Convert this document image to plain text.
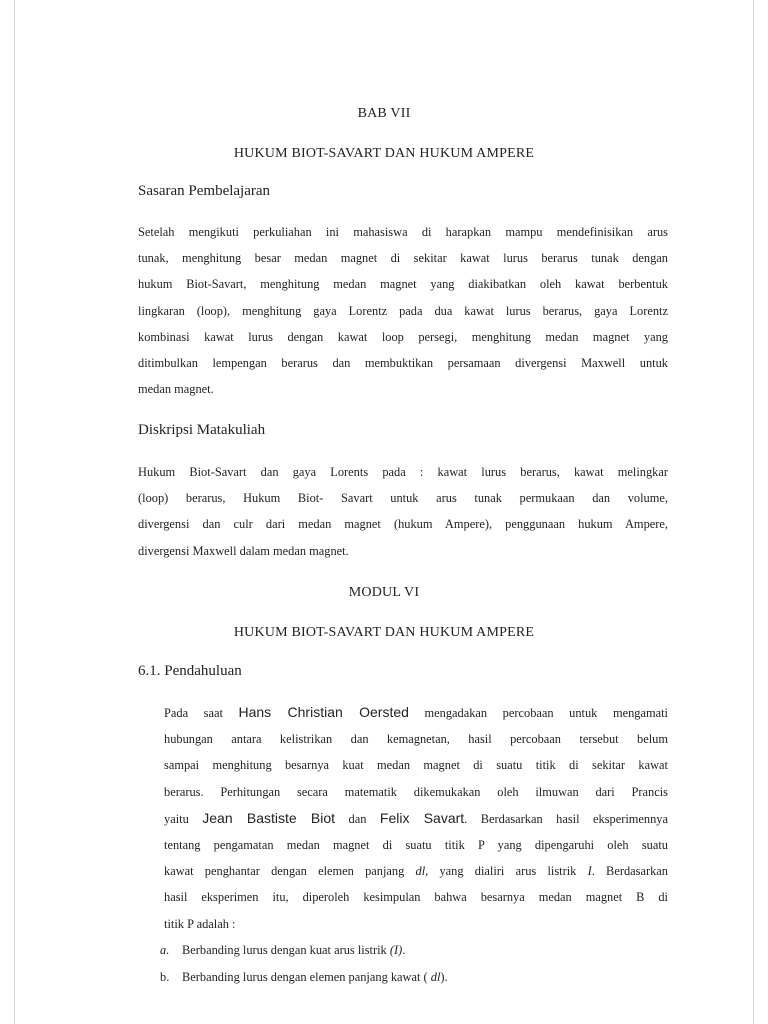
BAB VII
HUKUM BIOT-SAVART DAN HUKUM AMPERE
Sasaran Pembelajaran
Setelah mengikuti perkuliahan ini mahasiswa di harapkan mampu mendefinisikan arus
tunak, menghitung besar medan magnet di sekitar kawat lurus berarus tunak dengan
hukum Biot-Savart, menghitung medan magnet yang diakibatkan oleh kawat berbentuk
lingkaran (loop), menghitung gaya Lorentz pada dua kawat lurus berarus, gaya Lorentz
kombinasi kawat lurus dengan kawat loop persegi, menghitung medan magnet yang
ditimbulkan lempengan berarus dan membuktikan persamaan divergensi Maxwell untuk
medan magnet.
Diskripsi Matakuliah
Hukum Biot-Savart dan gaya Lorents pada : kawat lurus berarus, kawat melingkar
(loop) berarus, Hukum Biot- Savart untuk arus tunak permukaan dan volume,
divergensi dan culr dari medan magnet (hukum Ampere), penggunaan hukum Ampere,
divergensi Maxwell dalam medan magnet.
MODUL VI
HUKUM BIOT-SAVART DAN HUKUM AMPERE
6.1. Pendahuluan
Pada saat Hans Christian Oersted mengadakan percobaan untuk mengamati
hubungan antara kelistrikan dan kemagnetan, hasil percobaan tersebut belum
sampai menghitung besarnya kuat medan magnet di suatu titik di sekitar kawat
berarus. Perhitungan secara matematik dikemukakan oleh ilmuwan dari Prancis
yaitu Jean Bastiste Biot dan Felix Savart. Berdasarkan hasil eksperimennya
tentang pengamatan medan magnet di suatu titik P yang dipengaruhi oleh suatu
kawat penghantar dengan elemen panjang dl, yang dialiri arus listrik I. Berdasarkan
hasil eksperimen itu, diperoleh kesimpulan bahwa besarnya medan magnet B di
titik P adalah :
a. Berbanding lurus dengan kuat arus listrik (I).
b. Berbanding lurus dengan elemen panjang kawat ( dl).
